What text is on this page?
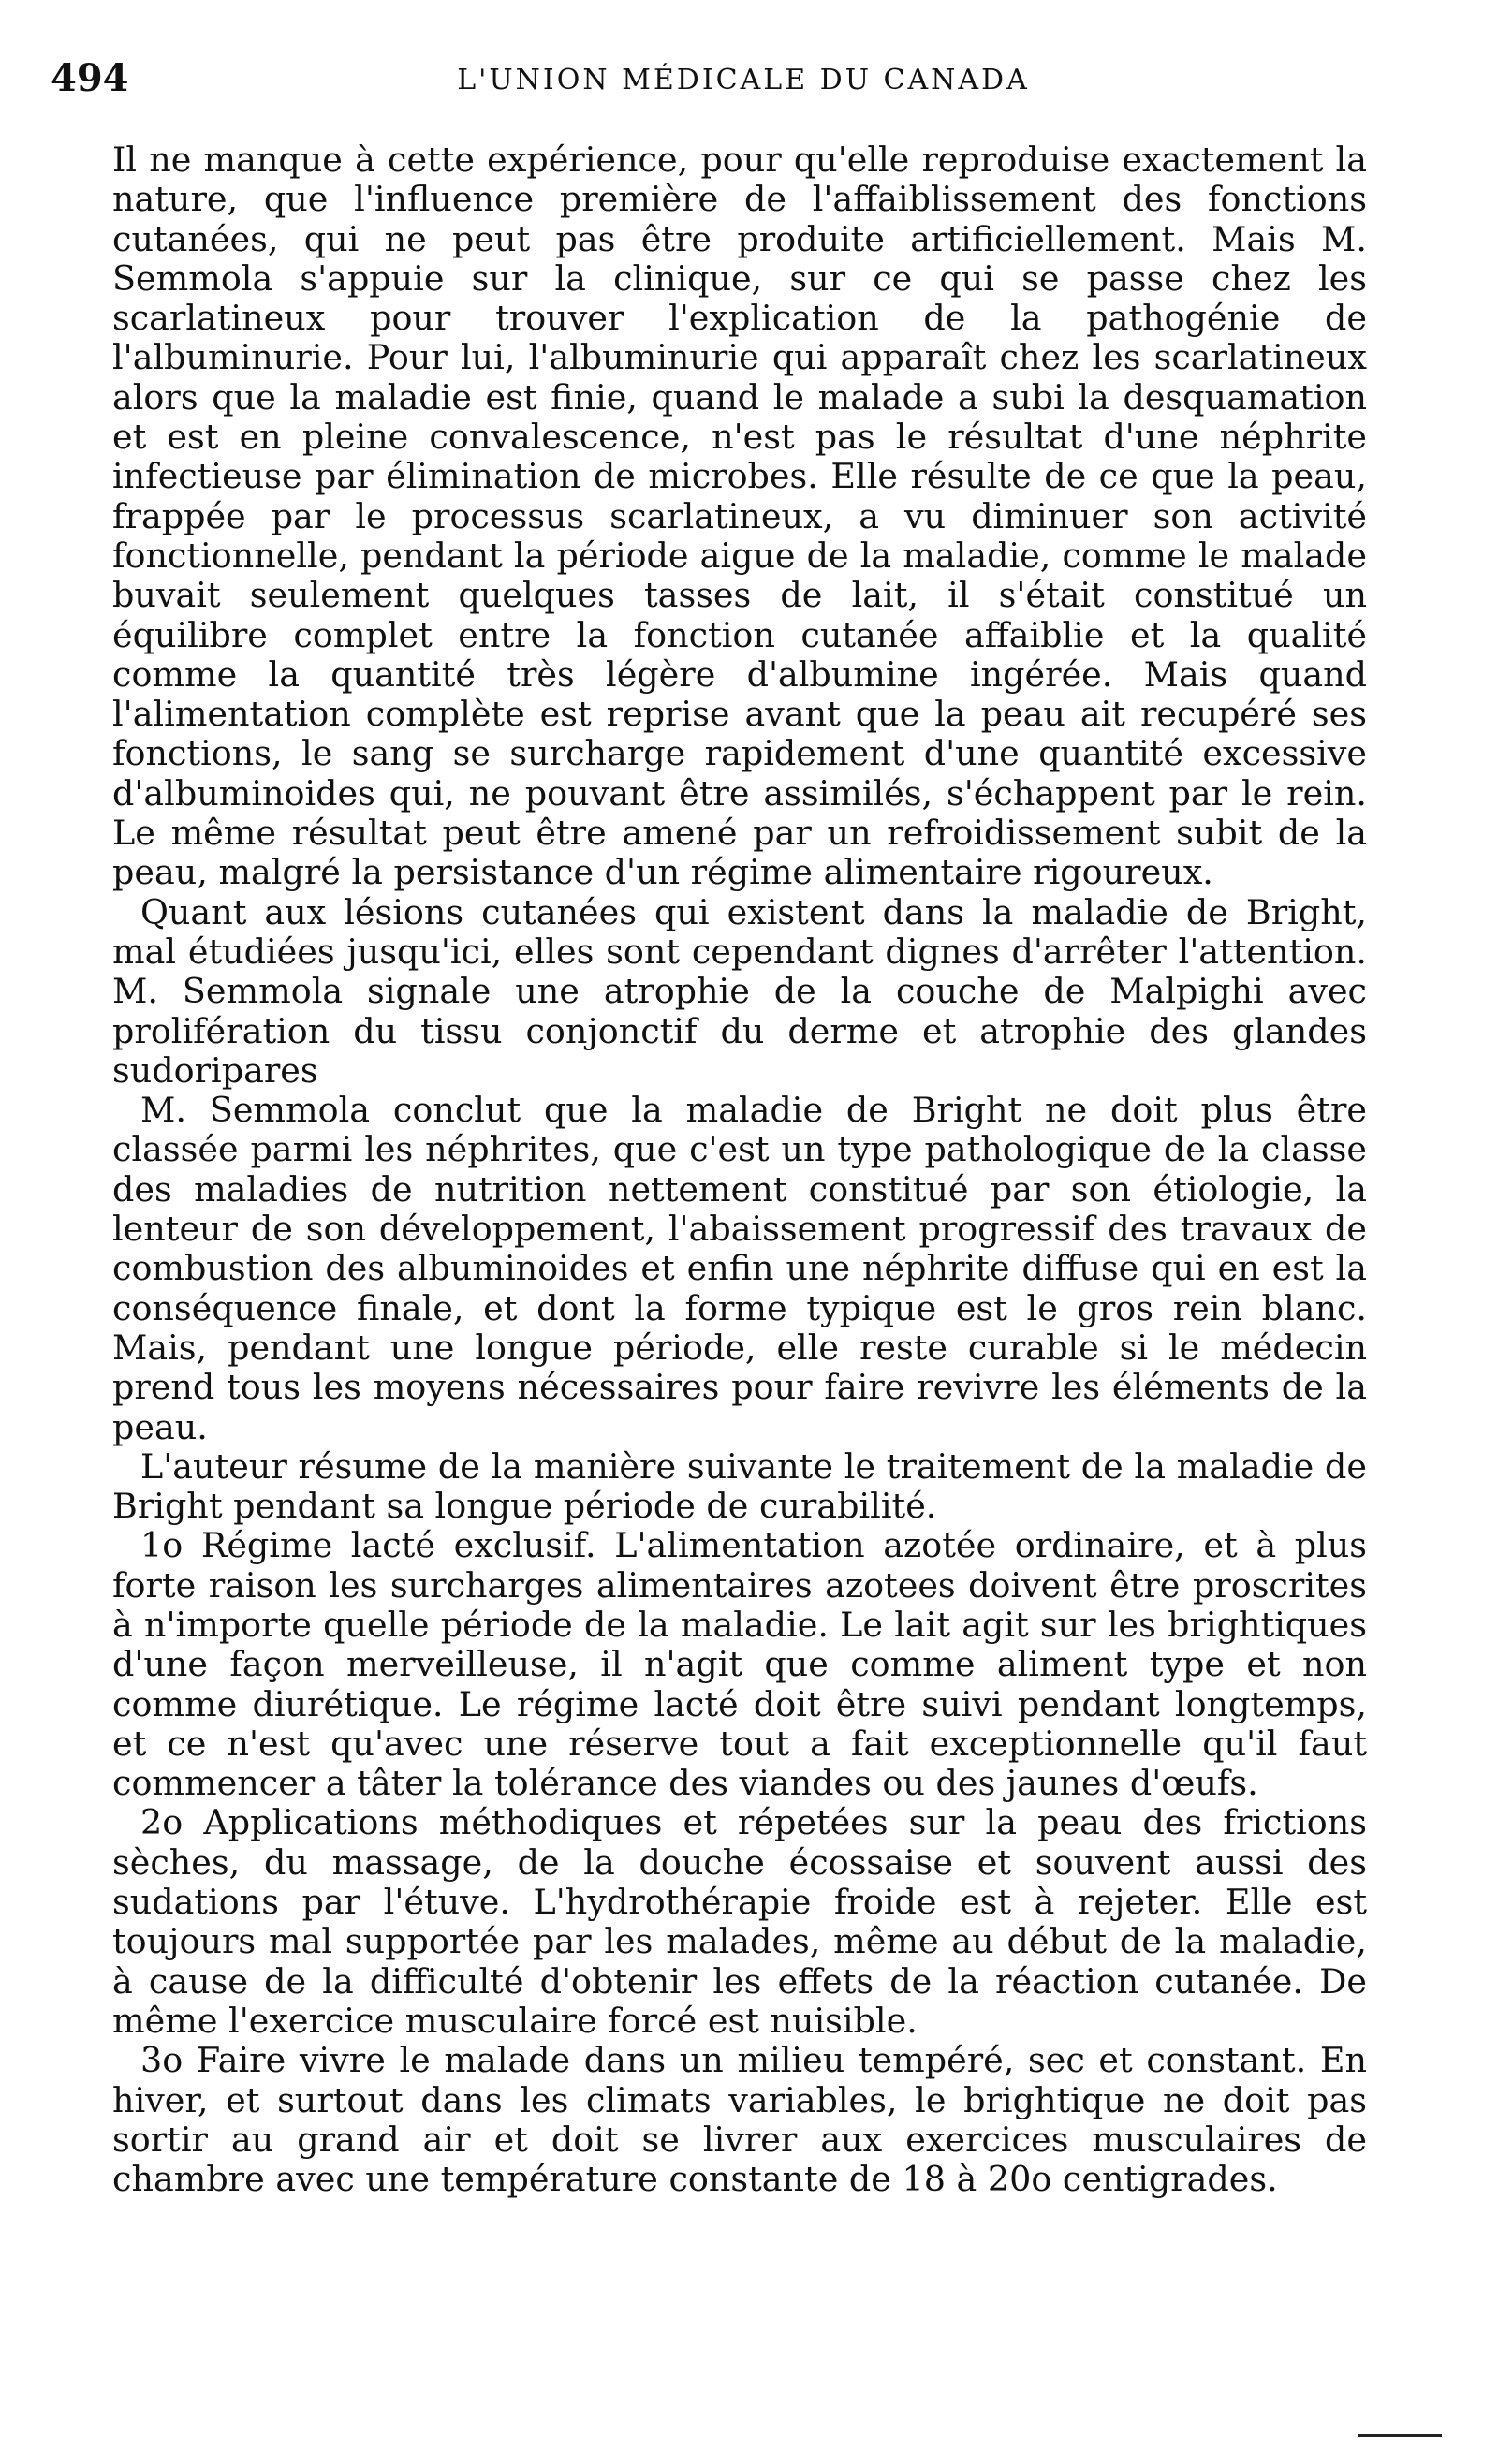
494	L'UNION MÉDICALE DU CANADA

Il ne manque à cette expérience, pour qu'elle reproduise exactement la nature, que l'influence première de l'affaiblissement des fonctions cutanées, qui ne peut pas être produite artificiellement. Mais M. Semmola s'appuie sur la clinique, sur ce qui se passe chez les scarlatineux pour trouver l'explication de la pathogénie de l'albuminurie. Pour lui, l'albuminurie qui apparaît chez les scarlatineux alors que la maladie est finie, quand le malade a subi la desquamation et est en pleine convalescence, n'est pas le résultat d'une néphrite infectieuse par élimination de microbes. Elle résulte de ce que la peau, frappée par le processus scarlatineux, a vu diminuer son activité fonctionnelle, pendant la période aigue de la maladie, comme le malade buvait seulement quelques tasses de lait, il s'était constitué un équilibre complet entre la fonction cutanée affaiblie et la qualité comme la quantité très légère d'albumine ingérée. Mais quand l'alimentation complète est reprise avant que la peau ait recupéré ses fonctions, le sang se surcharge rapidement d'une quantité excessive d'albuminoides qui, ne pouvant être assimilés, s'échappent par le rein. Le même résultat peut être amené par un refroidissement subit de la peau, malgré la persistance d'un régime alimentaire rigoureux.

Quant aux lésions cutanées qui existent dans la maladie de Bright, mal étudiées jusqu'ici, elles sont cependant dignes d'arrêter l'attention. M. Semmola signale une atrophie de la couche de Malpighi avec prolifération du tissu conjonctif du derme et atrophie des glandes sudoripares

M. Semmola conclut que la maladie de Bright ne doit plus être classée parmi les néphrites, que c'est un type pathologique de la classe des maladies de nutrition nettement constitué par son étiologie, la lenteur de son développement, l'abaissement progressif des travaux de combustion des albuminoides et enfin une néphrite diffuse qui en est la conséquence finale, et dont la forme typique est le gros rein blanc. Mais, pendant une longue période, elle reste curable si le médecin prend tous les moyens nécessaires pour faire revivre les éléments de la peau.

L'auteur résume de la manière suivante le traitement de la maladie de Bright pendant sa longue période de curabilité.

1o Régime lacté exclusif. L'alimentation azotée ordinaire, et à plus forte raison les surcharges alimentaires azotees doivent être proscrites à n'importe quelle période de la maladie. Le lait agit sur les brightiques d'une façon merveilleuse, il n'agit que comme aliment type et non comme diurétique. Le régime lacté doit être suivi pendant longtemps, et ce n'est qu'avec une réserve tout a fait exceptionnelle qu'il faut commencer a tâter la tolérance des viandes ou des jaunes d'œufs.

2o Applications méthodiques et répetées sur la peau des frictions sèches, du massage, de la douche écossaise et souvent aussi des sudations par l'étuve. L'hydrothérapie froide est à rejeter. Elle est toujours mal supportée par les malades, même au début de la maladie, à cause de la difficulté d'obtenir les effets de la réaction cutanée. De même l'exercice musculaire forcé est nuisible.

3o Faire vivre le malade dans un milieu tempéré, sec et constant. En hiver, et surtout dans les climats variables, le brightique ne doit pas sortir au grand air et doit se livrer aux exercices musculaires de chambre avec une température constante de 18 à 20o centigrades.
